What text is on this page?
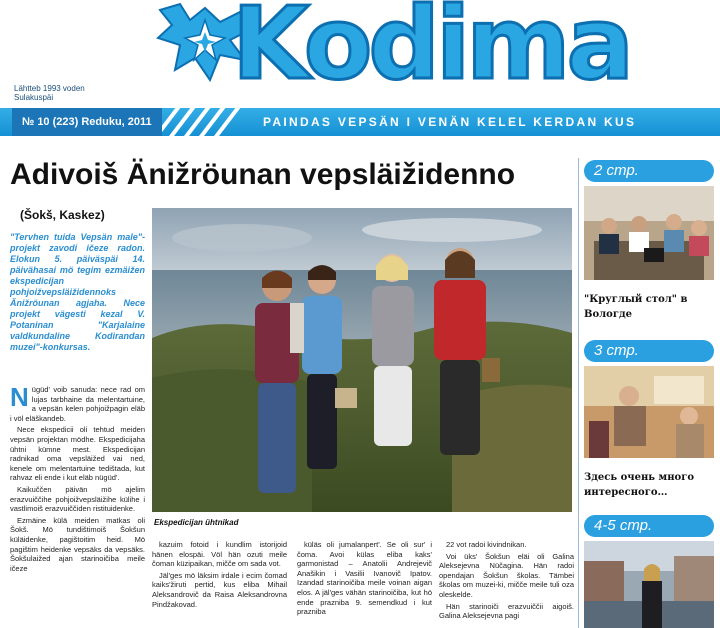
Kodima
Lähtteb 1993 voden
Sulakuspäi
№ 10 (223) Reduku, 2011	PAINDAS VEPSÄN I VENÄN KELEL KERDAN KUS
Adivoiš Änižröunan vepsläižidenno
(Šokš, Kaskez)
"Tervhen tuida Vepsän male"-projekt zavodi ičeze radon. Elokun 5. päiväspäi 14. päivähasai mö tegim ezmäižen ekspedicijan pohjoižvepsläižidennoks Änižröunan agjaha. Nece projekt vägesti kezal V. Potaninan "Karjalaine valdkundaline Kodirandan muzei"-konkursas.

Nügüd' voib sanuda: nece rad om lujas tarbhaine da melentartuine, a vepsän kelen pohjoižpagin eläb i völ eläškandeb.

Nece ekspedicii oli tehtud meiden vepsän projektan mödhe. Ekspedicijaha ühtni kümne mest. Ekspedicijan radnikad oma vepsläižed vai ned, kenele om melentartuine tedištada, kut rahvaz eli ende i kut eläb nügüd'.

Kaikuččen päivän mö ajelim erazvuiččihe pohjoižvepsläižihe külihe i vastlimoiš erazvuiččiden ristituidenke.

Ezmäine külä meiden matkas oli Šokš. Mö tundištimoiš Šokšun küläidenke, pagištoitim heid. Mö pagištim heidenke vepsäks da vepsäks. Šokšulaižed ajan starinoičiba meile ičeze

Ekspedicijan ühtnikad

kazuim fotoid i kundlim istorijoid hänen elospäi. Völ hän ozuti meile čoman küzipaikan, mičče om sada vot.

Jäl'ges mö läksim irdale i ecim čomad kaiks'žiruti pertid, kus eliba Mihail Aleksandrovič da Raisa Aleksandrovna Pindžakovad.

küläs oli jumalanpert'. Se oli sur' i čoma. Avoi külas eliba kaks' garmonistad – Anatolii Andrejevič Anašikin i Vasilii Ivanovič Ipatov. Izandad starinoičiba meile voinan aigan elos. A jäl'ges vähän starinoičiba, kut hö ende prazniba 9. semendkud i kut prazniba

22 vot radoi kivindnikan.

Voi üks' Šokšun eläi oli Galina Aleksejevna Nüčagina. Hän radoi opendajan Šokšun školas. Tämbei školas om muzei-ki, mičče meile tuli oza oleskelde.

Hän starinoiči erazvuiččii aigoiš. Galina Aleksejevna pagi

2 стр.
"Круглый стол" в Вологде
3 стр.
Здесь очень много интересного…
4-5 стр.
